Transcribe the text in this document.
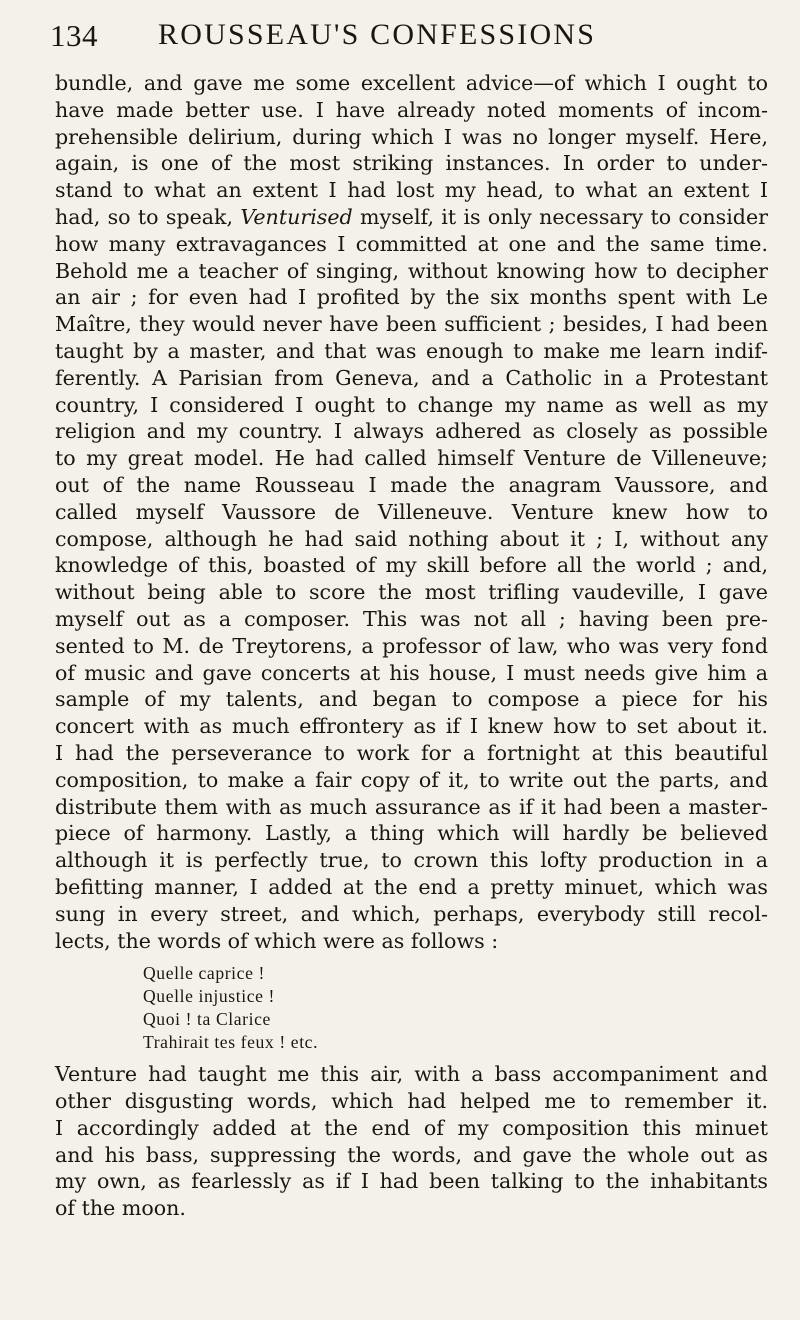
134 ROUSSEAU'S CONFESSIONS

bundle, and gave me some excellent advice—of which I ought to
have made better use. I have already noted moments of incom-
prehensible delirium, during which I was no longer myself. Here,
again, is one of the most striking instances. In order to under-
stand to what an extent I had lost my head, to what an extent I
had, so to speak, Venturised myself, it is only necessary to consider
how many extravagances I committed at one and the same time.
Behold me a teacher of singing, without knowing how to decipher
an air ; for even had I profited by the six months spent with Le
Maître, they would never have been sufficient ; besides, I had been
taught by a master, and that was enough to make me learn indif-
ferently. A Parisian from Geneva, and a Catholic in a Protestant
country, I considered I ought to change my name as well as my
religion and my country. I always adhered as closely as possible
to my great model. He had called himself Venture de Villeneuve;
out of the name Rousseau I made the anagram Vaussore, and
called myself Vaussore de Villeneuve. Venture knew how to
compose, although he had said nothing about it ; I, without any
knowledge of this, boasted of my skill before all the world ; and,
without being able to score the most trifling vaudeville, I gave
myself out as a composer. This was not all ; having been pre-
sented to M. de Treytorens, a professor of law, who was very fond
of music and gave concerts at his house, I must needs give him a
sample of my talents, and began to compose a piece for his
concert with as much effrontery as if I knew how to set about it.
I had the perseverance to work for a fortnight at this beautiful
composition, to make a fair copy of it, to write out the parts, and
distribute them with as much assurance as if it had been a master-
piece of harmony. Lastly, a thing which will hardly be believed
although it is perfectly true, to crown this lofty production in a
befitting manner, I added at the end a pretty minuet, which was
sung in every street, and which, perhaps, everybody still recol-
lects, the words of which were as follows :

Quelle caprice !
Quelle injustice !
Quoi ! ta Clarice
Trahirait tes feux ! etc.

Venture had taught me this air, with a bass accompaniment and
other disgusting words, which had helped me to remember it.
I accordingly added at the end of my composition this minuet
and his bass, suppressing the words, and gave the whole out as
my own, as fearlessly as if I had been talking to the inhabitants
of the moon.
